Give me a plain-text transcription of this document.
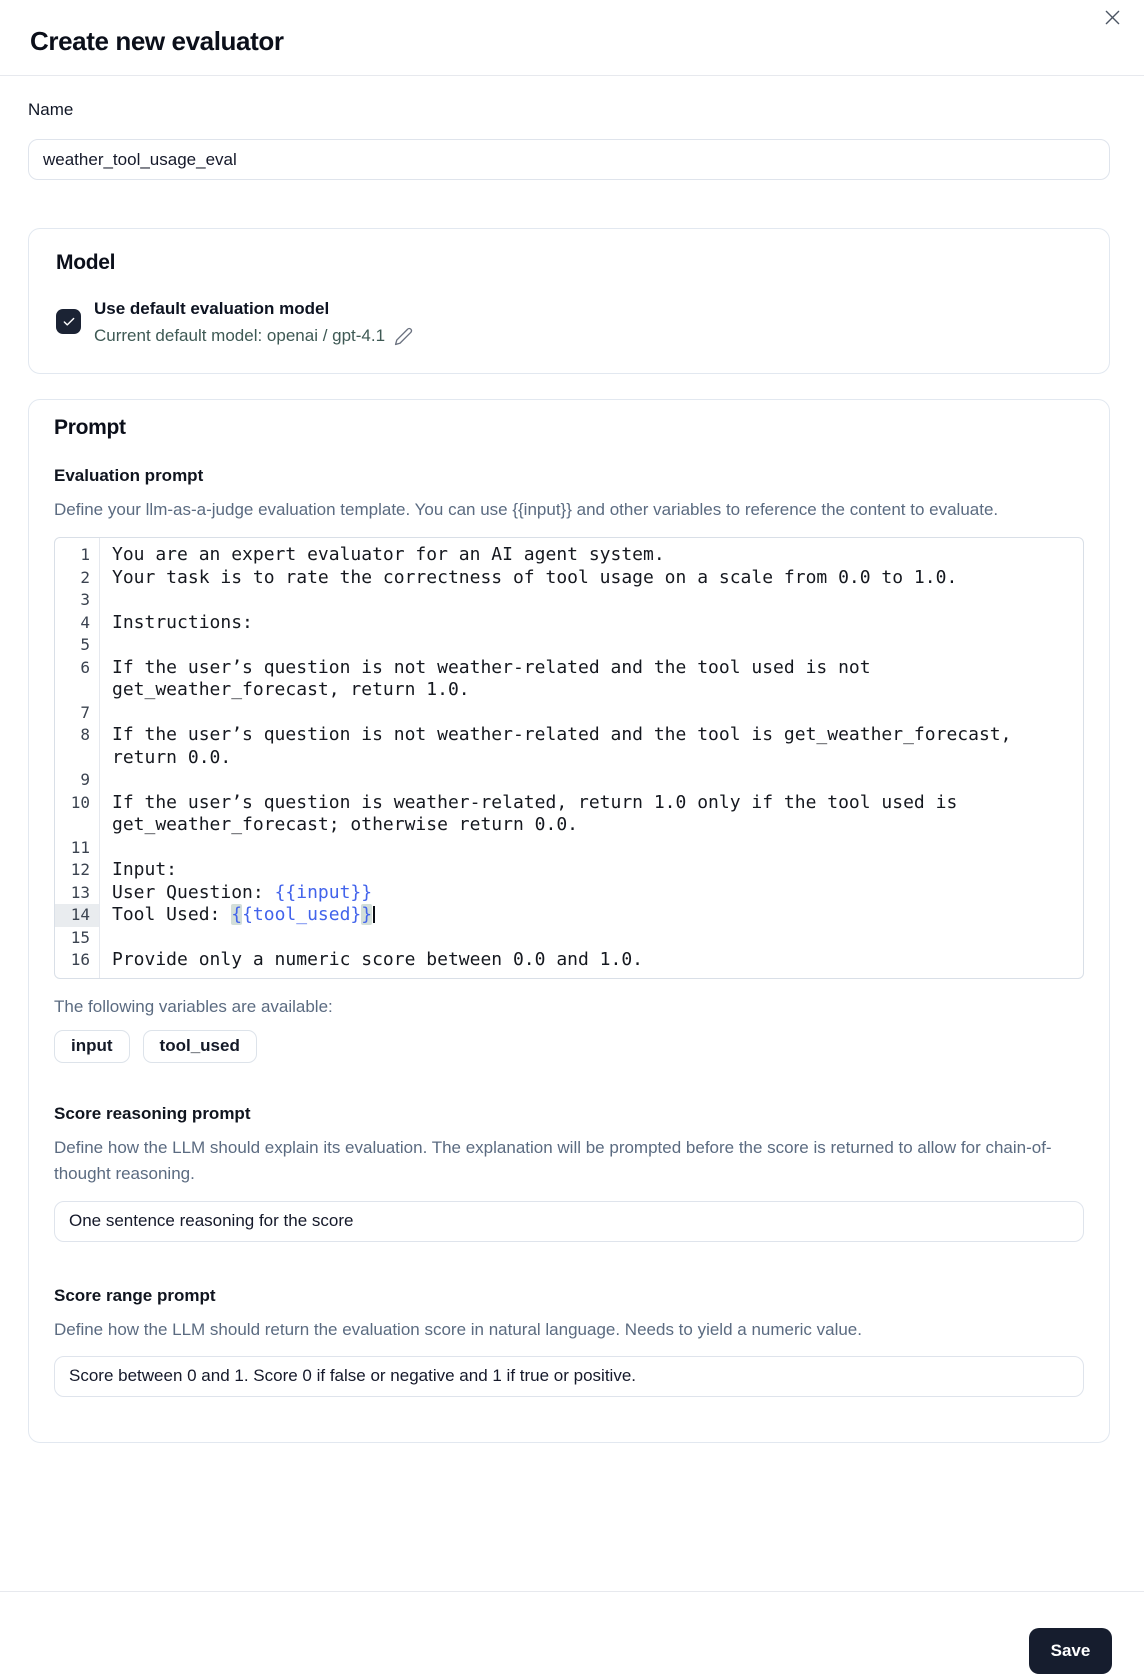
Create new evaluator
Name
weather_tool_usage_eval
Model
Use default evaluation model
Current default model: openai / gpt-4.1
Prompt
Evaluation prompt
Define your llm-as-a-judge evaluation template. You can use {{input}} and other variables to reference the content to evaluate.
1	You are an expert evaluator for an AI agent system.
2	Your task is to rate the correctness of tool usage on a scale from 0.0 to 1.0.
3

4	Instructions:
5

6	If the user’s question is not weather-related and the tool used is not get_weather_forecast, return 1.0.
7

8	If the user’s question is not weather-related and the tool is get_weather_forecast, return 0.0.
9

10	If the user’s question is weather-related, return 1.0 only if the tool used is get_weather_forecast; otherwise return 0.0.
11

12	Input:
13	User Question: {{input}}
14	Tool Used: {{tool_used}}
15

16	Provide only a numeric score between 0.0 and 1.0.
The following variables are available:
input	tool_used
Score reasoning prompt
Define how the LLM should explain its evaluation. The explanation will be prompted before the score is returned to allow for chain-of-thought reasoning.
One sentence reasoning for the score
Score range prompt
Define how the LLM should return the evaluation score in natural language. Needs to yield a numeric value.
Score between 0 and 1. Score 0 if false or negative and 1 if true or positive.
Save
